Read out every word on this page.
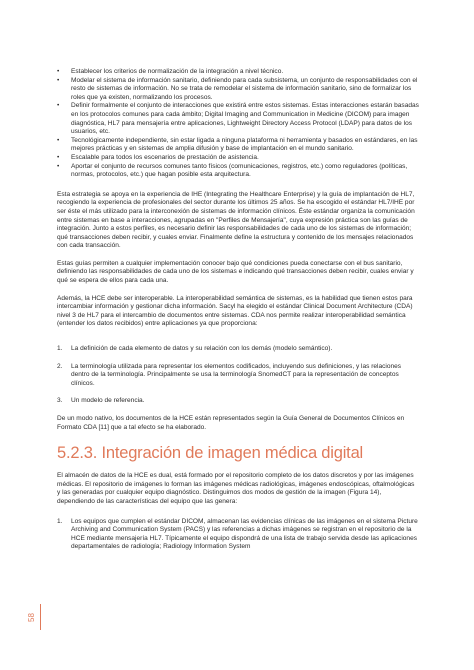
• Establecer los criterios de normalización de la integración a nivel técnico.
• Modelar el sistema de información sanitario, definiendo para cada subsistema, un conjunto de responsabilidades con el resto de sistemas de información. No se trata de remodelar el sistema de información sanitario, sino de formalizar los roles que ya existen, normalizando los procesos.
• Definir formalmente el conjunto de interacciones que existirá entre estos sistemas. Estas interacciones estarán basadas en los protocolos comunes para cada ámbito; Digital Imaging and Communication in Medicine (DICOM) para imagen diagnóstica, HL7 para mensajería entre aplicaciones, Lightweight Directory Access Protocol (LDAP) para datos de los usuarios, etc.
• Tecnológicamente independiente, sin estar ligada a ninguna plataforma ni herramienta y basados en estándares, en las mejores prácticas y en sistemas de amplia difusión y base de implantación en el mundo sanitario.
• Escalable para todos los escenarios de prestación de asistencia.
• Aportar el conjunto de recursos comunes tanto físicos (comunicaciones, registros, etc.) como reguladores (políticas, normas, protocolos, etc.) que hagan posible esta arquitectura.

Esta estrategia se apoya en la experiencia de IHE (Integrating the Healthcare Enterprise) y la guía de implantación de HL7, recogiendo la experiencia de profesionales del sector durante los últimos 25 años. Se ha escogido el estándar HL7/IHE por ser éste el más utilizado para la interconexión de sistemas de información clínicos. Éste estándar organiza la comunicación entre sistemas en base a interacciones, agrupadas en "Perfiles de Mensajería", cuya expresión práctica son las guías de integración. Junto a estos perfiles, es necesario definir las responsabilidades de cada uno de los sistemas de información; qué transacciones deben recibir, y cuales enviar. Finalmente define la estructura y contenido de los mensajes relacionados con cada transacción.

Estas guías permiten a cualquier implementación conocer bajo qué condiciones pueda conectarse con el bus sanitario, definiendo las responsabilidades de cada uno de los sistemas e indicando qué transacciones deben recibir, cuales enviar y qué se espera de ellos para cada una.

Además, la HCE debe ser interoperable. La interoperabilidad semántica de sistemas, es la habilidad que tienen estos para intercambiar información y gestionar dicha información. Sacyl ha elegido el estándar Clinical Document Architecture (CDA) nivel 3 de HL7 para el intercambio de documentos entre sistemas. CDA nos permite realizar interoperabilidad semántica (entender los datos recibidos) entre aplicaciones ya que proporciona:

1. La definición de cada elemento de datos y su relación con los demás (modelo semántico).
2. La terminología utilizada para representar los elementos codificados, incluyendo sus definiciones, y las relaciones dentro de la terminología. Principalmente se usa la terminología SnomedCT para la representación de conceptos clínicos.
3. Un modelo de referencia.

De un modo nativo, los documentos de la HCE están representados según la Guía General de Documentos Clínicos en Formato CDA [11] que a tal efecto se ha elaborado.

5.2.3. Integración de imagen médica digital

El almacén de datos de la HCE es dual, está formado por el repositorio completo de los datos discretos y por las imágenes médicas. El repositorio de imágenes lo forman las imágenes médicas radiológicas, imágenes endoscópicas, oftalmológicas y las generadas por cualquier equipo diagnóstico. Distinguimos dos modos de gestión de la imagen (Figura 14), dependiendo de las características del equipo que las genera:

1. Los equipos que cumplen el estándar DICOM, almacenan las evidencias clínicas de las imágenes en el sistema Picture Archiving and Communication System (PACS) y las referencias a dichas imágenes se registran en el repositorio de la HCE mediante mensajería HL7. Típicamente el equipo dispondrá de una lista de trabajo servida desde las aplicaciones departamentales de radiología; Radiology Information System
58
